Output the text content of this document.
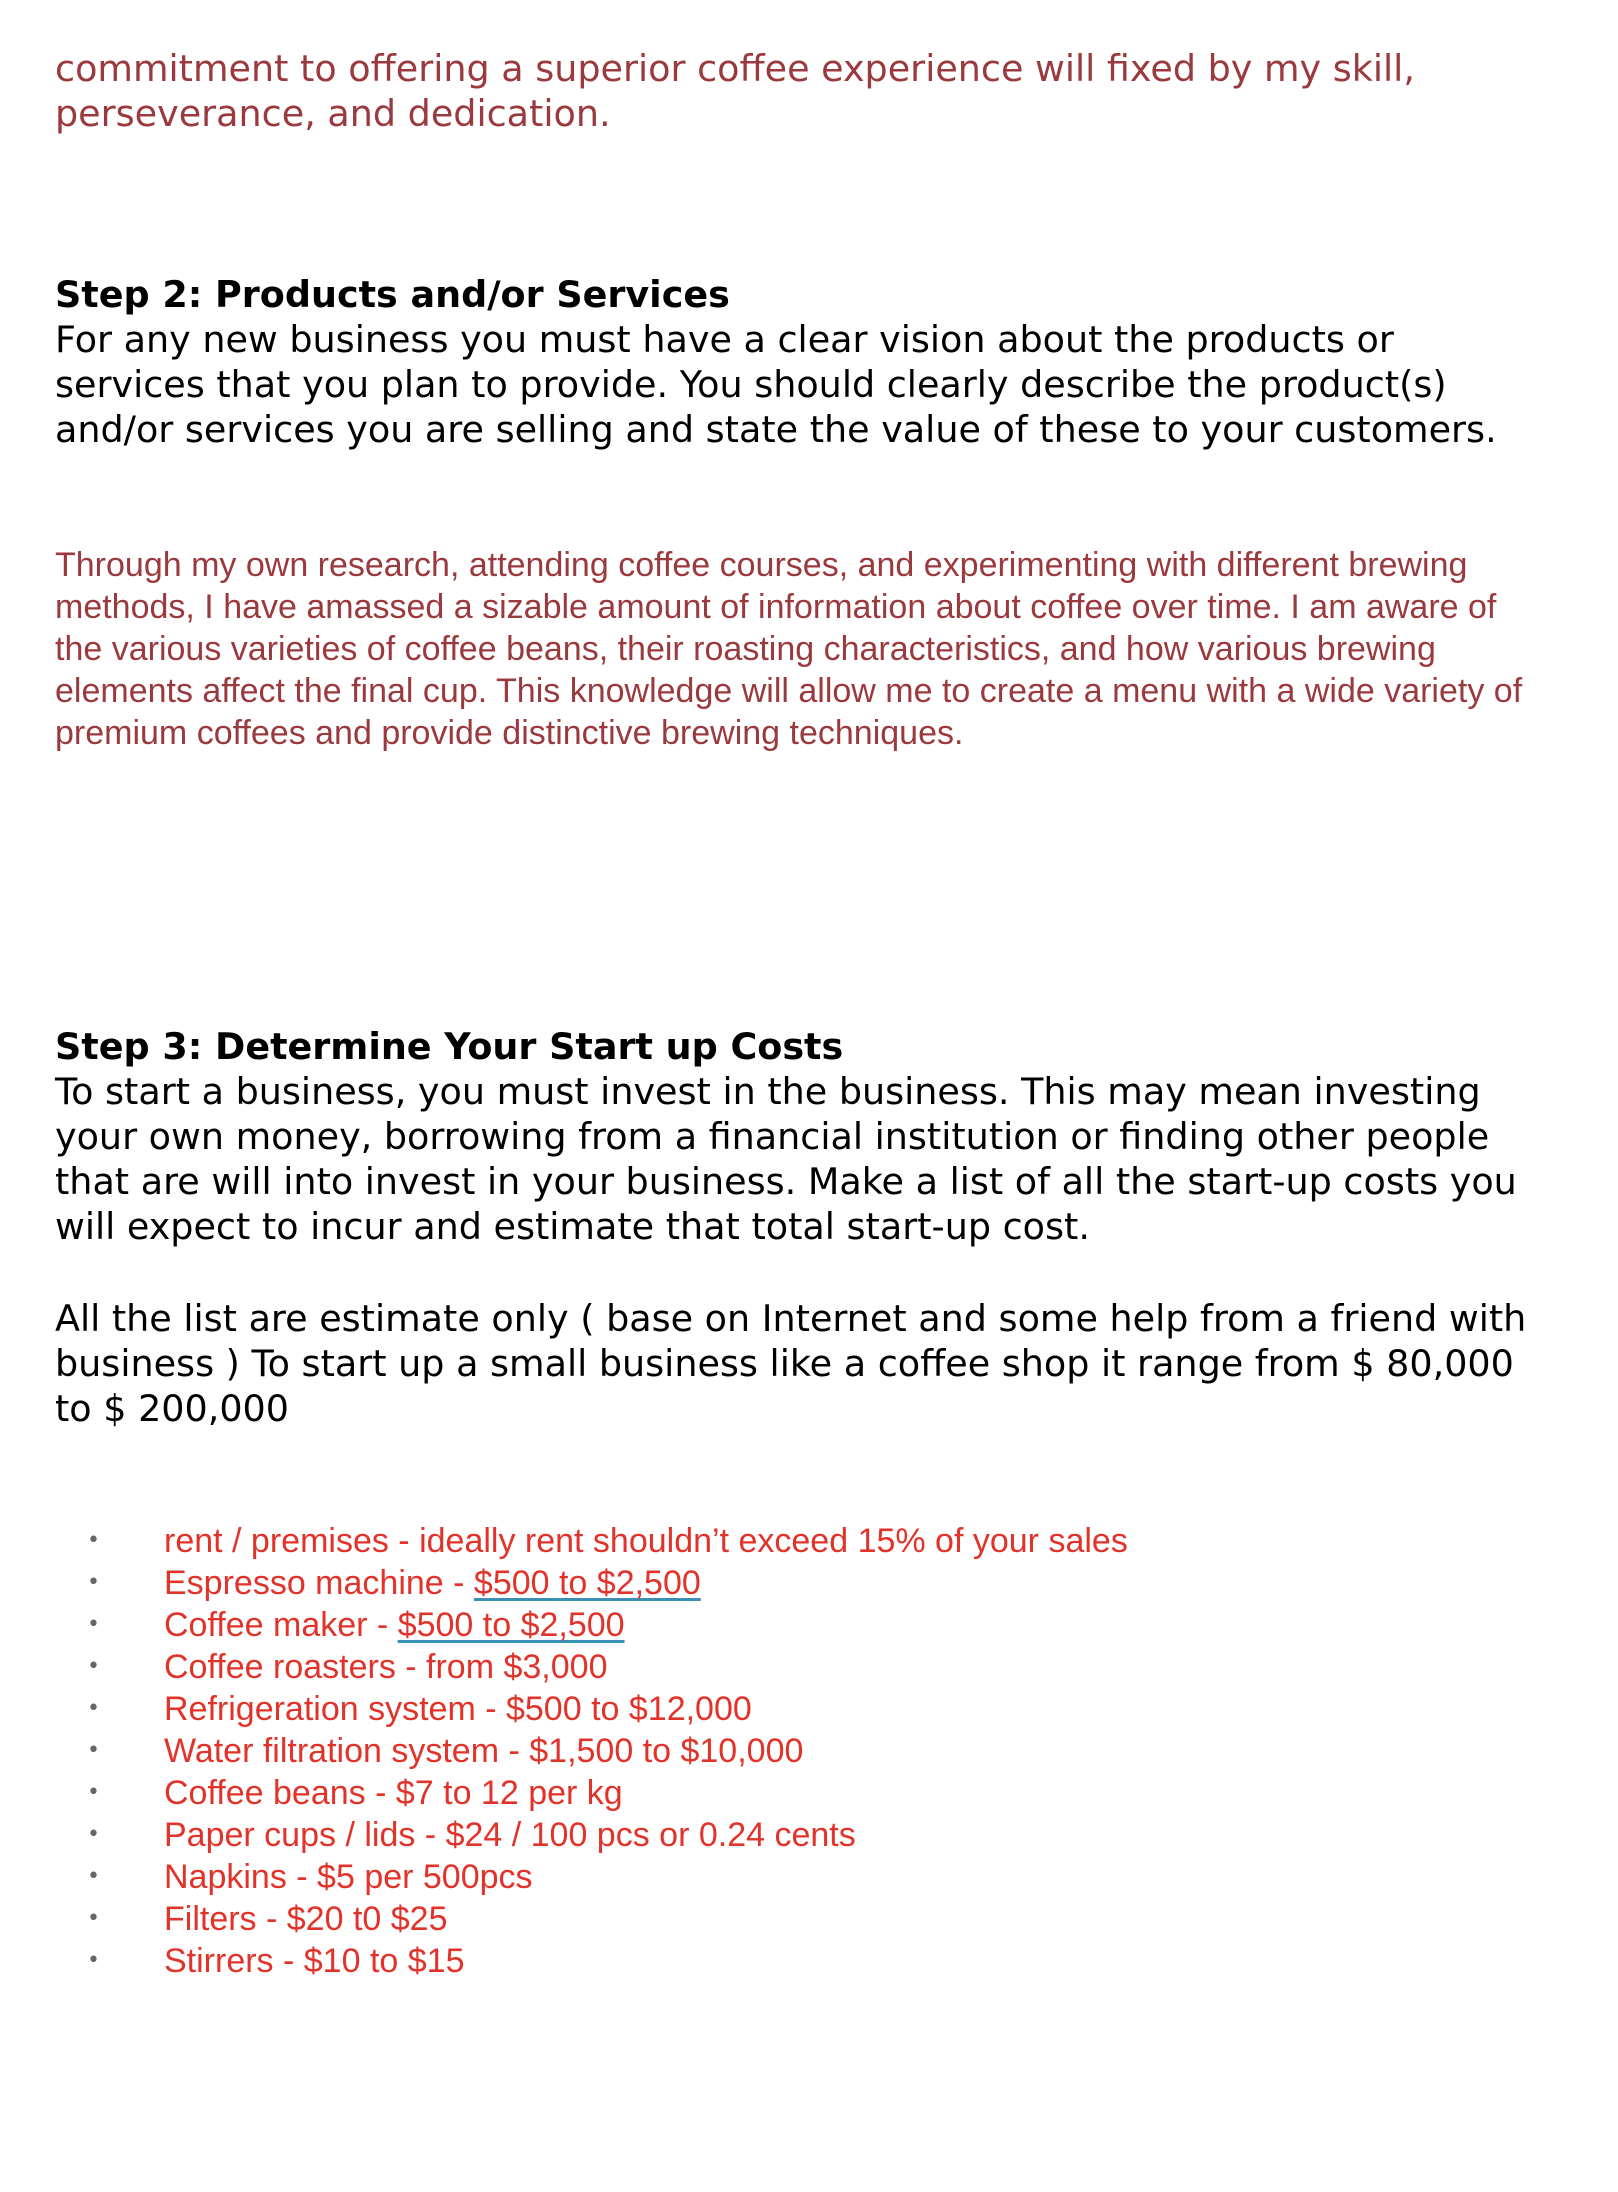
commitment to offering a superior coffee experience will fixed by my skill, perseverance, and dedication.

Step 2: Products and/or Services

For any new business you must have a clear vision about the products or services that you plan to provide. You should clearly describe the product(s) and/or services you are selling and state the value of these to your customers.

Through my own research, attending coffee courses, and experimenting with different brewing methods, I have amassed a sizable amount of information about coffee over time. I am aware of the various varieties of coffee beans, their roasting characteristics, and how various brewing elements affect the final cup. This knowledge will allow me to create a menu with a wide variety of premium coffees and provide distinctive brewing techniques.

Step 3: Determine Your Start up Costs

To start a business, you must invest in the business. This may mean investing your own money, borrowing from a financial institution or finding other people that are will into invest in your business. Make a list of all the start-up costs you will expect to incur and estimate that total start-up cost.

All the list are estimate only ( base on Internet and some help from a friend with business ) To start up a small business like a coffee shop it range from $ 80,000 to $ 200,000

• rent / premises - ideally rent shouldn’t exceed 15% of your sales
• Espresso machine - $500 to $2,500
• Coffee maker - $500 to $2,500
• Coffee roasters - from $3,000
• Refrigeration system - $500 to $12,000
• Water filtration system - $1,500 to $10,000
• Coffee beans - $7 to 12 per kg
• Paper cups / lids - $24 / 100 pcs or 0.24 cents
• Napkins - $5 per 500pcs
• Filters - $20 t0 $25
• Stirrers - $10 to $15
